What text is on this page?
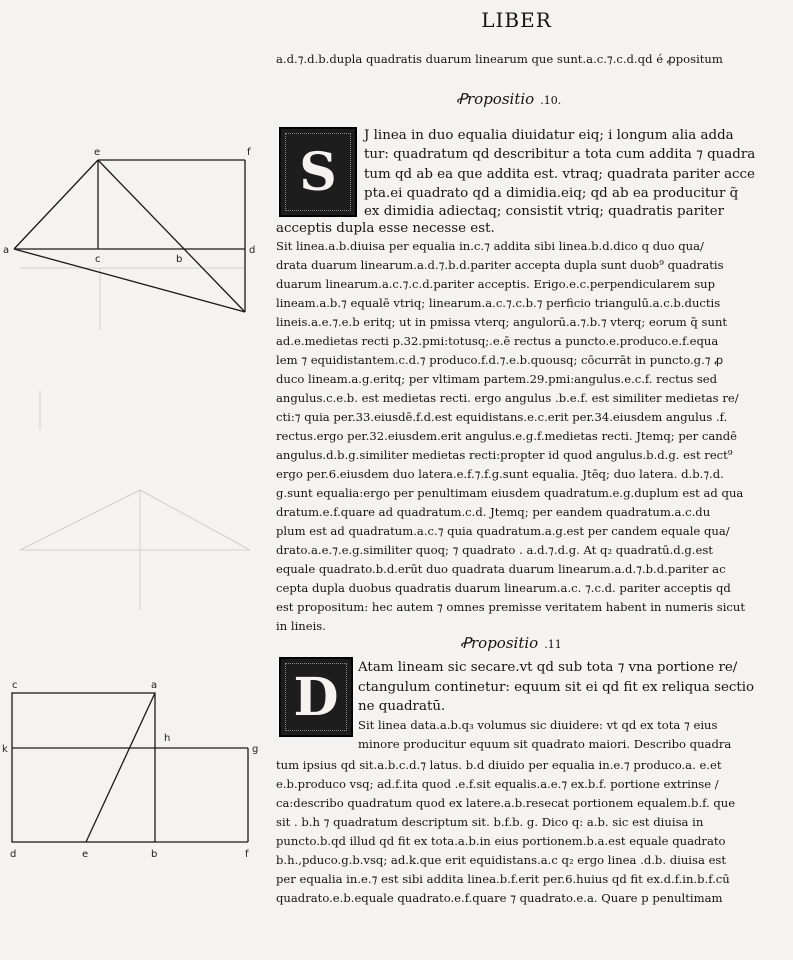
LIBER
a.d.⁊.d.b.dupla quadratis duarum linearum que sunt.a.c.⁊.c.d.qd é ꝓpositum
Ꝓropositio .10.
S
J linea in duo equalia diuidatur eiq; i longum alia adda
tur: quadratum qd describitur a tota cum addita ⁊ quadra
tum qd ab ea que addita est. vtraq; quadrata pariter acce
pta.ei quadrato qd a dimidia.eiq; qd ab ea producitur q̃
ex dimidia adiectaq; consistit vtriq; quadratis pariter
acceptis dupla esse necesse est.
Sit linea.a.b.diuisa per equalia in.c.⁊ addita sibi linea.b.d.dico q duo qua/
drata duarum linearum.a.d.⁊.b.d.pariter accepta dupla sunt duob⁹ quadratis
duarum linearum.a.c.⁊.c.d.pariter acceptis. Erigo.e.c.perpendicularem sup
lineam.a.b.⁊ equalē vtriq; linearum.a.c.⁊.c.b.⁊ perficio triangulū.a.c.b.ductis
lineis.a.e.⁊.e.b eritq; ut in pmissa vterq; angulorū.a.⁊.b.⁊ vterq; eorum q̃ sunt
ad.e.medietas recti p.32.pmi:totusq;.e.ē rectus a puncto.e.produco.e.f.equa
lem ⁊ equidistantem.c.d.⁊ produco.f.d.⁊.e.b.quousq; cōcurrāt in puncto.g.⁊ ꝓ
duco lineam.a.g.eritq; per vltimam partem.29.pmi:angulus.e.c.f. rectus sed
angulus.c.e.b. est medietas recti. ergo angulus .b.e.f. est similiter medietas re/
cti:⁊ quia per.33.eiusdē.f.d.est equidistans.e.c.erit per.34.eiusdem angulus .f.
rectus.ergo per.32.eiusdem.erit angulus.e.g.f.medietas recti. Jtemq; per candē
angulus.d.b.g.similiter medietas recti:propter id quod angulus.b.d.g. est rect⁹
ergo per.6.eiusdem duo latera.e.f.⁊.f.g.sunt equalia. Jtēq; duo latera. d.b.⁊.d.
g.sunt equalia:ergo per penultimam eiusdem quadratum.e.g.duplum est ad qua
dratum.e.f.quare ad quadratum.c.d. Jtemq; per eandem quadratum.a.c.du
plum est ad quadratum.a.c.⁊ quia quadratum.a.g.est per candem equale qua/
drato.a.e.⁊.e.g.similiter quoq; ⁊ quadrato . a.d.⁊.d.g. At q₂ quadratū.d.g.est
equale quadrato.b.d.erūt duo quadrata duarum linearum.a.d.⁊.b.d.pariter ac
cepta dupla duobus quadratis duarum linearum.a.c. ⁊.c.d. pariter acceptis qd
est propositum: hec autem ⁊ omnes premisse veritatem habent in numeris sicut
in lineis.
Ꝓropositio .11
D	Atam lineam sic secare.vt qd sub tota ⁊ vna portione re/
ctangulum continetur: equum sit ei qd fit ex reliqua sectio
ne quadratū.
Sit linea data.a.b.q₃ volumus sic diuidere: vt qd ex tota ⁊ eius
minore producitur equum sit quadrato maiori. Describo quadra
tum ipsius qd sit.a.b.c.d.⁊ latus. b.d diuido per equalia in.e.⁊ produco.a. e.et
e.b.produco vsq; ad.f.ita quod .e.f.sit equalis.a.e.⁊ ex.b.f. portione extrinse /
ca:describo quadratum quod ex latere.a.b.resecat portionem equalem.b.f. que
sit . b.h ⁊ quadratum descriptum sit. b.f.b. g. Dico q: a.b. sic est diuisa in
puncto.b.qd illud qd fit ex tota.a.b.in eius portionem.b.a.est equale quadrato
b.h.,pduco.g.b.vsq; ad.k.que erit equidistans.a.c q₂ ergo linea .d.b. diuisa est
per equalia in.e.⁊ est sibi addita linea.b.f.erit per.6.huius qd fit ex.d.f.in.b.f.cū
quadrato.e.b.equale quadrato.e.f.quare ⁊ quadrato.e.a. Quare p penultimam
e	f
a
c	b
d
c	a
h
k	g
d	e	b	f
